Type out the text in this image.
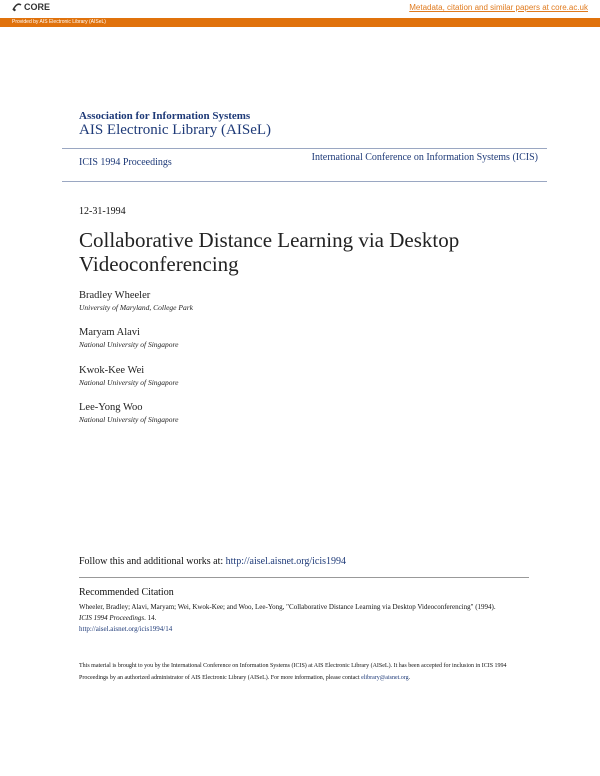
CORE	Metadata, citation and similar papers at core.ac.uk
Provided by AIS Electronic Library (AISeL)
Association for Information Systems
AIS Electronic Library (AISeL)
ICIS 1994 Proceedings	International Conference on Information Systems (ICIS)
12-31-1994
Collaborative Distance Learning via Desktop Videoconferencing
Bradley Wheeler
University of Maryland, College Park
Maryam Alavi
National University of Singapore
Kwok-Kee Wei
National University of Singapore
Lee-Yong Woo
National University of Singapore
Follow this and additional works at: http://aisel.aisnet.org/icis1994
Recommended Citation
Wheeler, Bradley; Alavi, Maryam; Wei, Kwok-Kee; and Woo, Lee-Yong, "Collaborative Distance Learning via Desktop Videoconferencing" (1994). ICIS 1994 Proceedings. 14.
http://aisel.aisnet.org/icis1994/14
This material is brought to you by the International Conference on Information Systems (ICIS) at AIS Electronic Library (AISeL). It has been accepted for inclusion in ICIS 1994 Proceedings by an authorized administrator of AIS Electronic Library (AISeL). For more information, please contact elibrary@aisnet.org.
